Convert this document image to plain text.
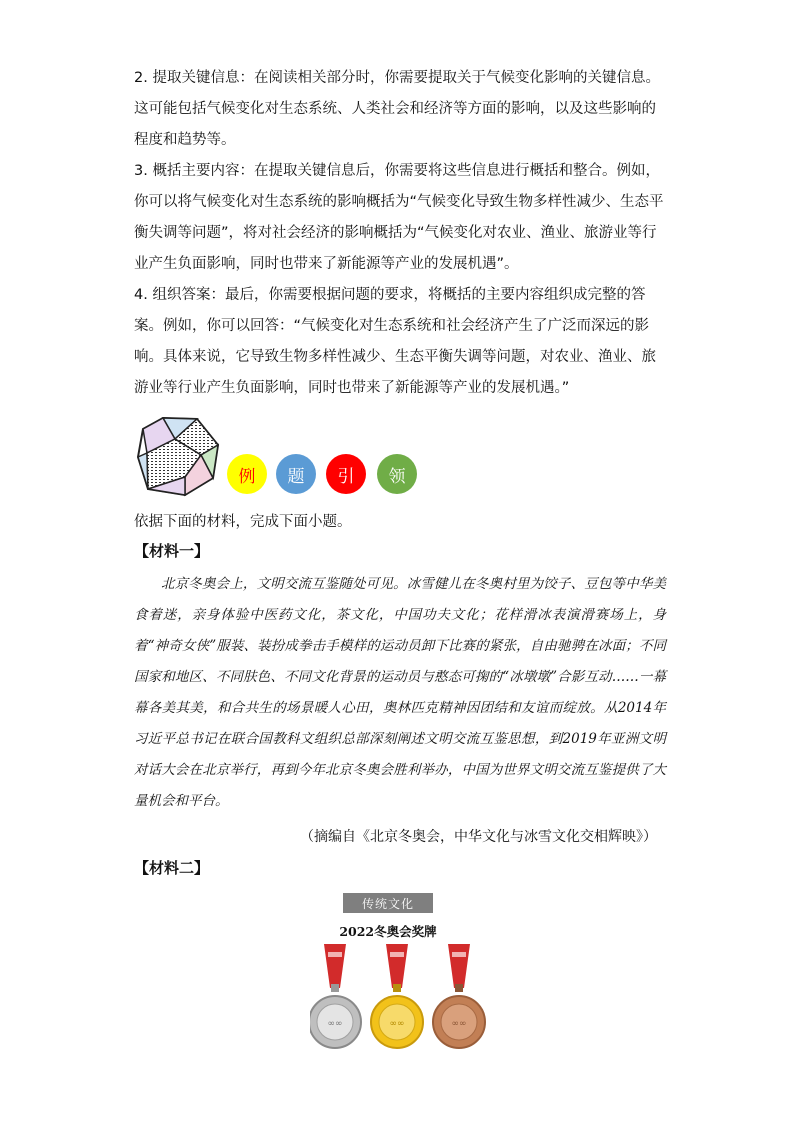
2. 提取关键信息：在阅读相关部分时，你需要提取关于气候变化影响的关键信息。这可能包括气候变化对生态系统、人类社会和经济等方面的影响，以及这些影响的程度和趋势等。

3. 概括主要内容：在提取关键信息后，你需要将这些信息进行概括和整合。例如，你可以将气候变化对生态系统的影响概括为“气候变化导致生物多样性减少、生态平衡失调等问题”，将对社会经济的影响概括为“气候变化对农业、渔业、旅游业等行业产生负面影响，同时也带来了新能源等产业的发展机遇”。

4. 组织答案：最后，你需要根据问题的要求，将概括的主要内容组织成完整的答案。例如，你可以回答：“气候变化对生态系统和社会经济产生了广泛而深远的影响。具体来说，它导致生物多样性减少、生态平衡失调等问题，对农业、渔业、旅游业等行业产生负面影响，同时也带来了新能源等产业的发展机遇。”

例	题	引	领
依据下面的材料，完成下面小题。
【材料一】

北京冬奥会上，文明交流互鉴随处可见。冰雪健儿在冬奥村里为饺子、豆包等中华美食着迷，亲身体验中医药文化，茶文化，中国功夫文化；花样滑冰表演滑赛场上，身着“神奇女侠”服装、装扮成拳击手模样的运动员卸下比赛的紧张，自由驰骋在冰面；不同国家和地区、不同肤色、不同文化背景的运动员与憨态可掬的“冰墩墩”合影互动……一幕幕各美其美，和合共生的场景暖人心田，奥林匹克精神因团结和友谊而绽放。从2014年习近平总书记在联合国教科文组织总部深刻阐述文明交流互鉴思想，到2019年亚洲文明对话大会在北京举行，再到今年北京冬奥会胜利举办，中国为世界文明交流互鉴提供了大量机会和平台。

（摘编自《北京冬奥会，中华文化与冰雪文化交相辉映》）
【材料二】
传统文化
2022冬奥会奖牌
∞∞	∞∞	∞∞
